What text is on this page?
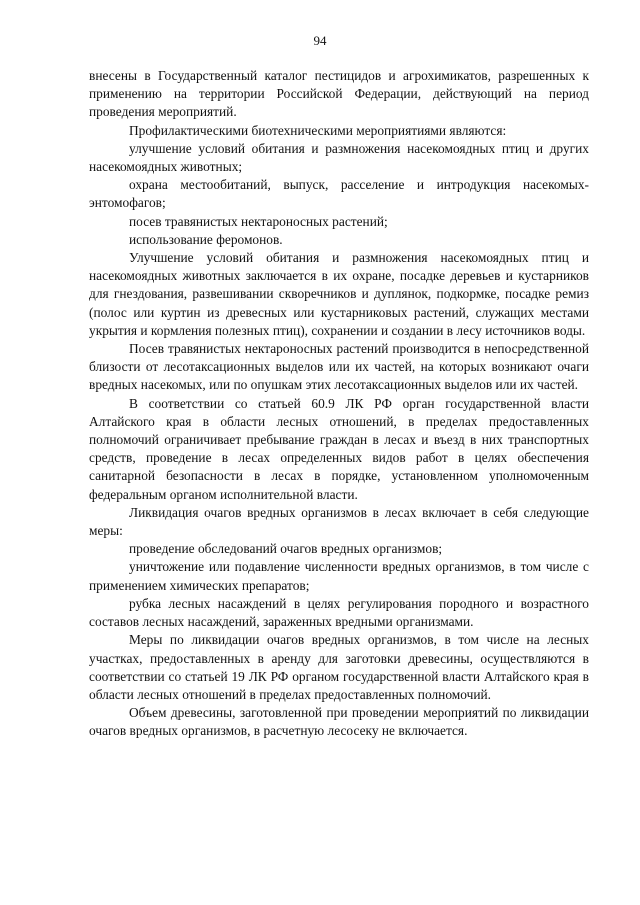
94

внесены в Государственный каталог пестицидов и агрохимикатов, разрешенных к применению на территории Российской Федерации, действующий на период проведения мероприятий.

Профилактическими биотехническими мероприятиями являются:

улучшение условий обитания и размножения насекомоядных птиц и других насекомоядных животных;

охрана местообитаний, выпуск, расселение и интродукция насекомых-энтомофагов;

посев травянистых нектароносных растений;

использование феромонов.

Улучшение условий обитания и размножения насекомоядных птиц и насекомоядных животных заключается в их охране, посадке деревьев и кустарников для гнездования, развешивании скворечников и дуплянок, подкормке, посадке ремиз (полос или куртин из древесных или кустарниковых растений, служащих местами укрытия и кормления полезных птиц), сохранении и создании в лесу источников воды.

Посев травянистых нектароносных растений производится в непосредственной близости от лесотаксационных выделов или их частей, на которых возникают очаги вредных насекомых, или по опушкам этих лесотаксационных выделов или их частей.

В соответствии со статьей 60.9 ЛК РФ орган государственной власти Алтайского края в области лесных отношений, в пределах предоставленных полномочий ограничивает пребывание граждан в лесах и въезд в них транспортных средств, проведение в лесах определенных видов работ в целях обеспечения санитарной безопасности в лесах в порядке, установленном уполномоченным федеральным органом исполнительной власти.

Ликвидация очагов вредных организмов в лесах включает в себя следующие меры:

проведение обследований очагов вредных организмов;

уничтожение или подавление численности вредных организмов, в том числе с применением химических препаратов;

рубка лесных насаждений в целях регулирования породного и возрастного составов лесных насаждений, зараженных вредными организмами.

Меры по ликвидации очагов вредных организмов, в том числе на лесных участках, предоставленных в аренду для заготовки древесины, осуществляются в соответствии со статьей 19 ЛК РФ органом государственной власти Алтайского края в области лесных отношений в пределах предоставленных полномочий.

Объем древесины, заготовленной при проведении мероприятий по ликвидации очагов вредных организмов, в расчетную лесосеку не включается.
